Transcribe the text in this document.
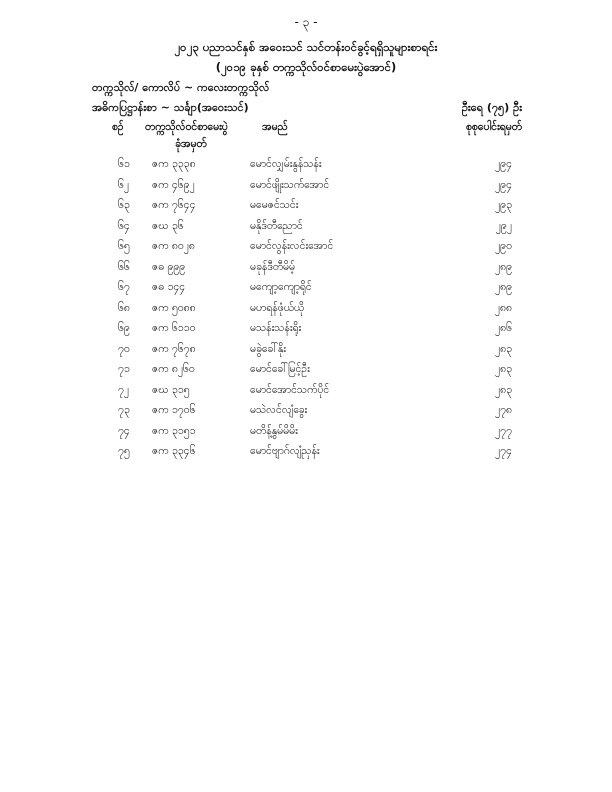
- ၃ -
၂၀၂၃ ပညာသင်နှစ် အဝေးသင် သင်တန်းဝင်ခွင့်ရရှိသူများစာရင်း
(၂၀၁၉ ခုနှစ် တက္ကသိုလ်ဝင်စာမေးပွဲအောင်)
တက္ကသိုလ်/ ကောလိပ် ~ ကလေးတက္ကသိုလ်
အဓိကပြဋ္ဌာန်းစာ ~ သင်္ချာ(အဝေးသင်)	ဦးရေ (၇၅) ဦး
စဉ် တက္ကသိုလ်ဝင်စာမေးပွဲ
ခုံအမှတ်
အမည်	စုစုပေါင်းရမှတ်
၆၁ ဇက ၃၃၃၈	မောင်လျှမ်းနွန်သန်း	၂၉၄
၆၂ ဇက ၄၆၉၂	မောင်ဖျိုးသက်အောင်	၂၉၄
၆၃ ဇက ၇၆၄၄	မမေဇင်သင်း	၂၉၃
၆၄ ဇဃ ၃၆	မနိုဒ်တီညောင်	၂၉၂
၆၅ ဇက ၈၀၂၈	မောင်လွန်းလင်းအောင်	၂၉၀
၆၆ ဇဓ ၉၉၉	မခုန်ဒီတီမိမ့်	၂၈၉
၆၇ ဇဓ ၁၄၄	မကျော့ကျော့ရိုင်	၂၈၉
၆၈ ဇက ၅၀၈၈	မဟရန်ဖုံယ်ယို	၂၈၈
၆၉ ဇက ၆၁၁၀	မသန်းသန်းရိုး	၂၈၆
၇၀ ဇက ၇၆၇၈	မခွဲခေါ်နိုး	၂၈၃
၇၁ ဇက ၈၂၆၀	မောင်ခေါ်မြင့်ဦး	၂၈၃
၇၂ ဇဃ ၃၁၅	မောင်အောင်သက်ပိုင်	၂၈၃
၇၃ ဇက ၁၇၀၆	မသဲလင်လျံခွေး	၂၇၈
၇၄ ဇက ၃၁၅၁	မတိန့်နွမ်မိမိး	၂၇၇
၇၅ ဇက ၃၃၄၆	မောင်ဗျာဂ်လျံညှန်း	၂၇၄
